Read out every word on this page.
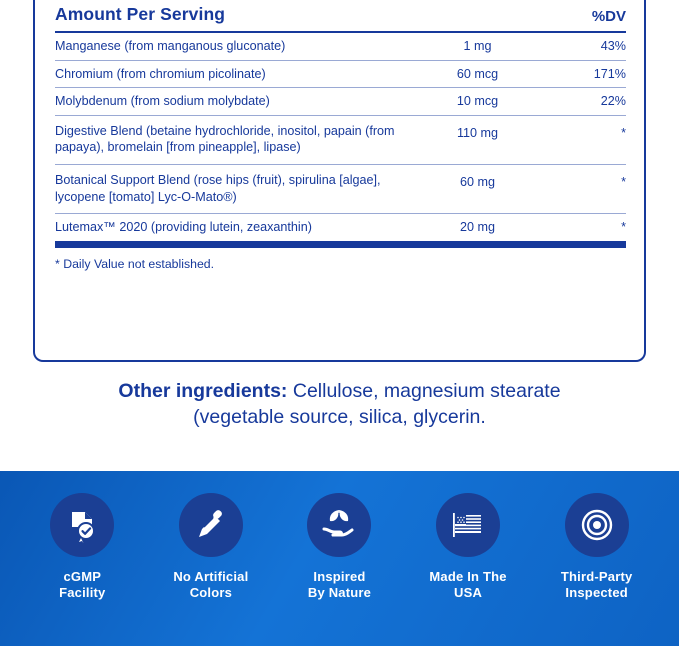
Amount Per Serving	%DV
Manganese (from manganous gluconate)	1 mg	43%
Chromium (from chromium picolinate)	60 mcg	171%
Molybdenum (from sodium molybdate)	10 mcg	22%
Digestive Blend (betaine hydrochloride, inositol, papain (from papaya), bromelain [from pineapple], lipase)	110 mg	*
Botanical Support Blend (rose hips (fruit), spirulina [algae], lycopene [tomato] Lyc-O-Mato®)	60 mg	*
Lutemax™ 2020 (providing lutein, zeaxanthin)	20 mg	*
* Daily Value not established.
Other ingredients: Cellulose, magnesium stearate
(vegetable source, silica, glycerin.
cGMP
Facility
No Artificial
Colors
Inspired
By Nature
Made In The
USA
Third-Party
Inspected
